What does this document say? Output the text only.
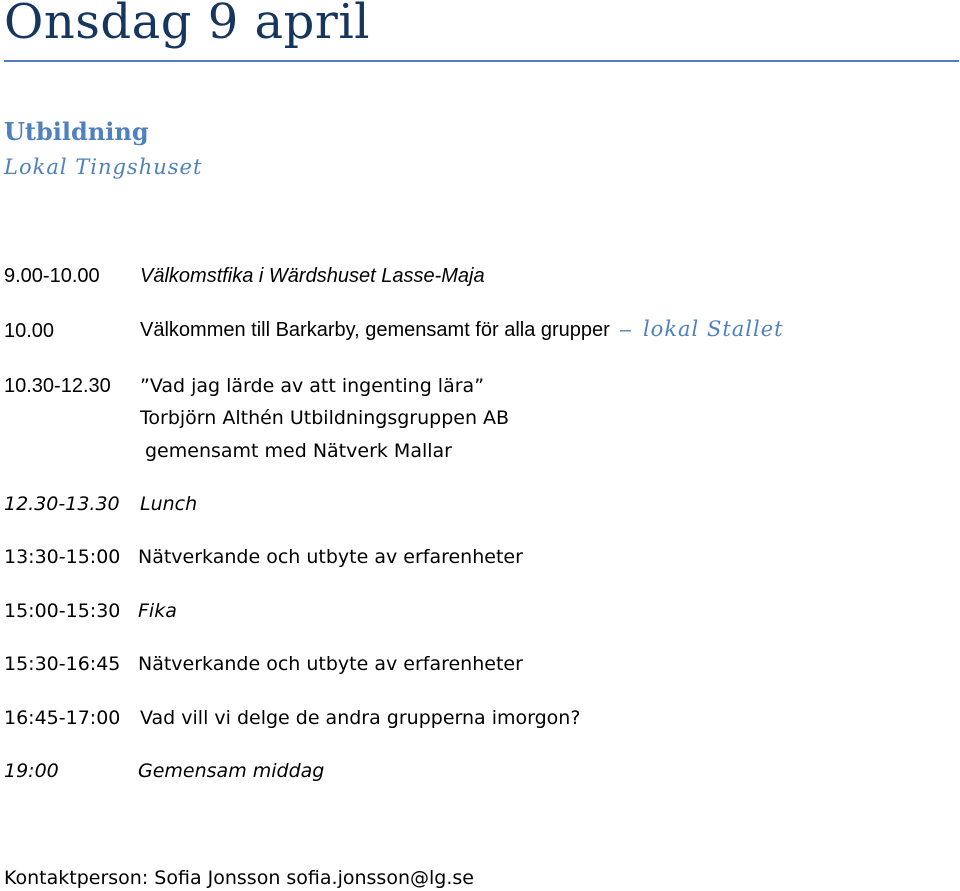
Onsdag 9 april
Utbildning
Lokal Tingshuset
9.00-10.00 Välkomstfika i Wärdshuset Lasse-Maja
10.00	Välkommen till Barkarby, gemensamt för alla grupper – lokal Stallet
10.30-12.30 ”Vad jag lärde av att ingenting lära”
Torbjörn Althén Utbildningsgruppen AB
gemensamt med Nätverk Mallar
12.30-13.30 Lunch
13:30-15:00 Nätverkande och utbyte av erfarenheter
15:00-15:30 Fika
15:30-16:45 Nätverkande och utbyte av erfarenheter
16:45-17:00 Vad vill vi delge de andra grupperna imorgon?
19:00	Gemensam middag
Kontaktperson: Sofia Jonsson sofia.jonsson@lg.se
